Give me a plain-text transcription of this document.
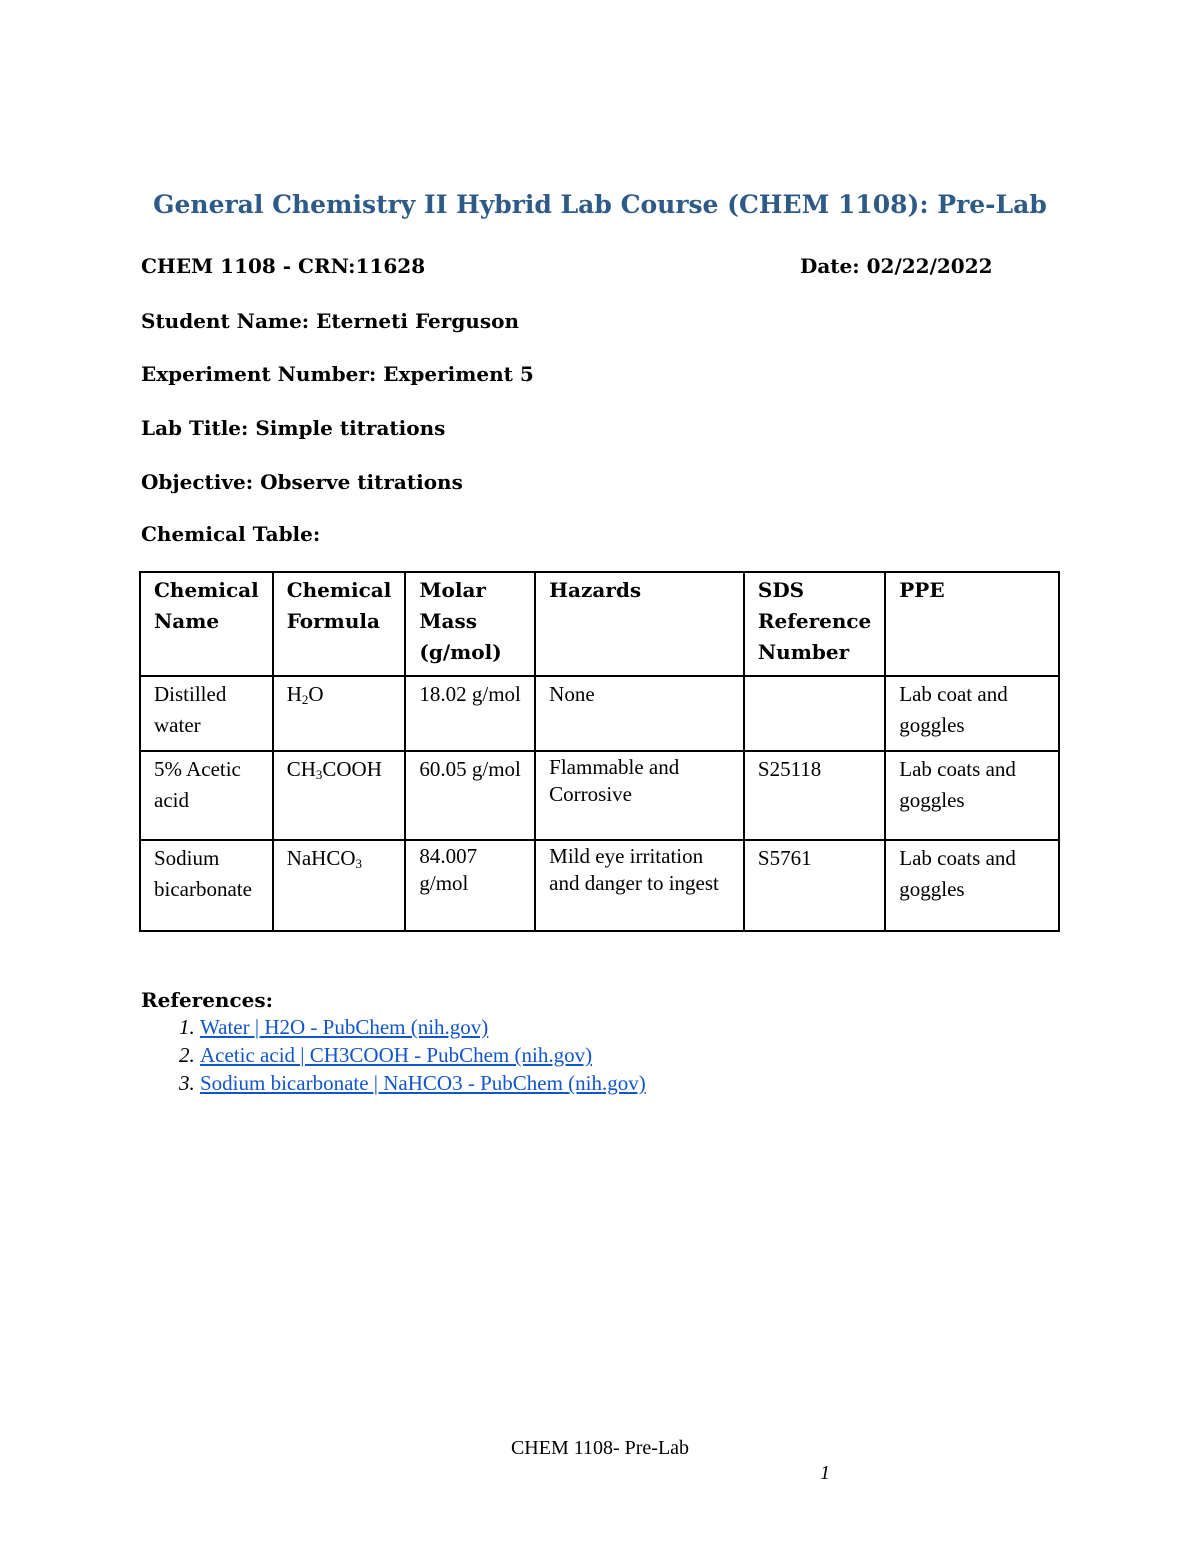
General Chemistry II Hybrid Lab Course (CHEM 1108): Pre-Lab
CHEM 1108 - CRN:11628	Date: 02/22/2022
Student Name: Eterneti Ferguson
Experiment Number: Experiment 5
Lab Title: Simple titrations
Objective: Observe titrations
Chemical Table:
Chemical Name	Chemical Formula	Molar Mass (g/mol)	Hazards	SDS Reference Number	PPE
Distilled water	$H_2O$	18.02 g/mol	None		Lab coat and goggles
5% Acetic acid	$CH_3COOH$	60.05 g/mol	Flammable and Corrosive	S25118	Lab coats and goggles
Sodium bicarbonate	NaHCO$_3$	84.007 g/mol	Mild eye irritation and danger to ingest	S5761	Lab coats and goggles
References:
1. Water | H2O - PubChem (nih.gov)
2. Acetic acid | CH3COOH - PubChem (nih.gov)
3. Sodium bicarbonate | NaHCO3 - PubChem (nih.gov)
CHEM 1108- Pre-Lab
1
